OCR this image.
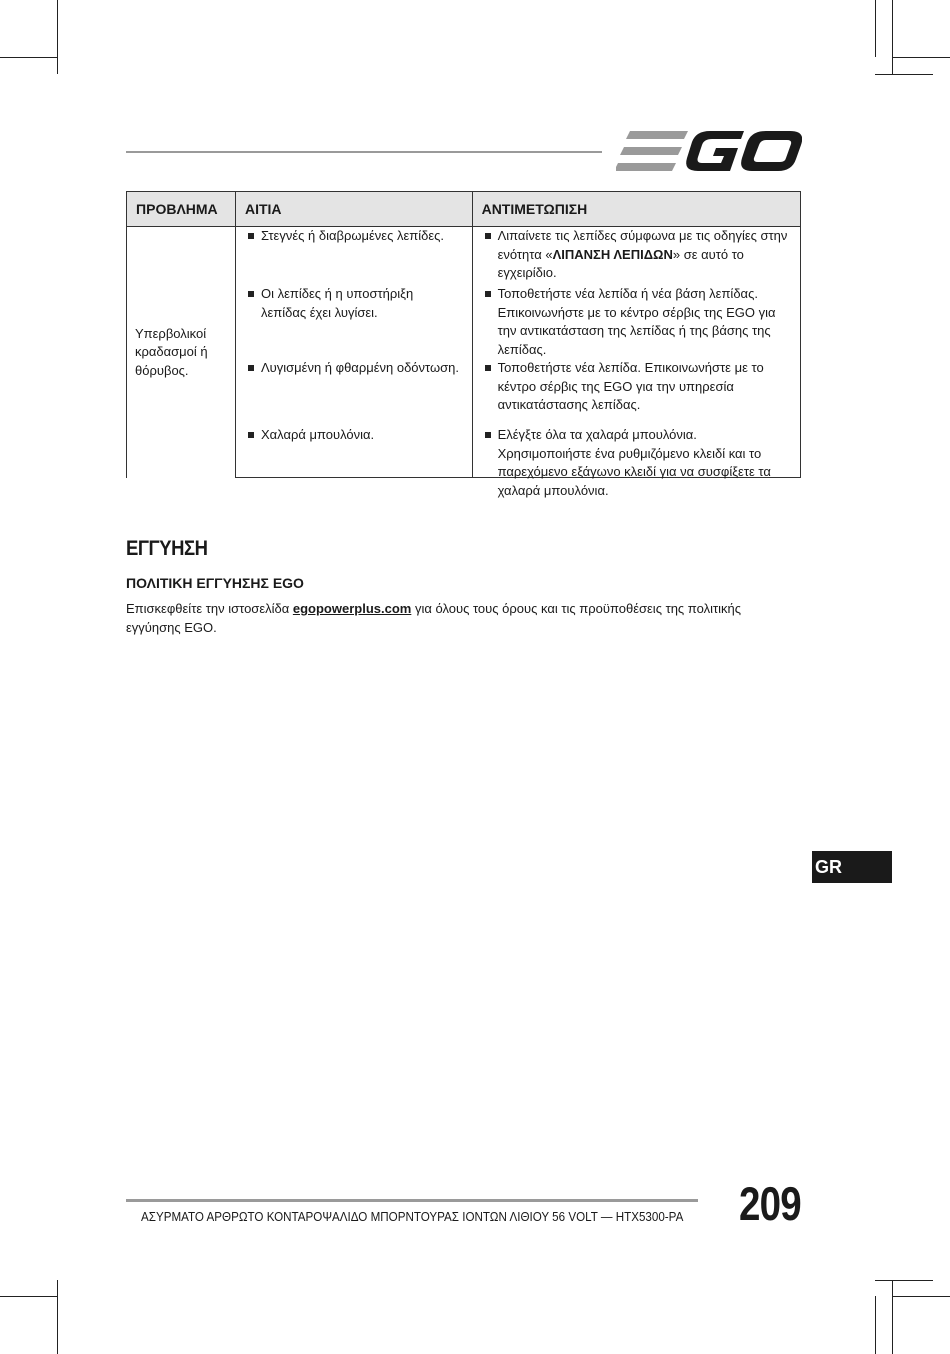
ΠΡΟΒΛΗΜΑ	ΑΙΤΙΑ	ΑΝΤΙΜΕΤΩΠΙΣΗ
Υπερβολικοί κραδασμοί ή θόρυβος.	Στεγνές ή διαβρωμένες λεπίδες.	Λιπαίνετε τις λεπίδες σύμφωνα με τις οδηγίες στην ενότητα «ΛΙΠΑΝΣΗ ΛΕΠΙΔΩΝ» σε αυτό το εγχειρίδιο.

	Οι λεπίδες ή η υποστήριξη λεπίδας έχει λυγίσει.	Τοποθετήστε νέα λεπίδα ή νέα βάση λεπίδας. Επικοινωνήστε με το κέντρο σέρβις της EGO για την αντικατάσταση της λεπίδας ή της βάσης της λεπίδας.

	Λυγισμένη ή φθαρμένη οδόντωση.	Τοποθετήστε νέα λεπίδα. Επικοινωνήστε με το κέντρο σέρβις της EGO για την υπηρεσία αντικατάστασης λεπίδας.

	Χαλαρά μπουλόνια.	Ελέγξτε όλα τα χαλαρά μπουλόνια. Χρησιμοποιήστε ένα ρυθμιζόμενο κλειδί και το παρεχόμενο εξάγωνο κλειδί για να συσφίξετε τα χαλαρά μπουλόνια.
ΕΓΓΥΗΣΗ
ΠΟΛΙΤΙΚΗ ΕΓΓΥΗΣΗΣ EGO
Επισκεφθείτε την ιστοσελίδα egopowerplus.com για όλους τους όρους και τις προϋποθέσεις της πολιτικής εγγύησης EGO.
GR
ΑΣΥΡΜΑΤΟ ΑΡΘΡΩΤΟ ΚΟΝΤΑΡΟΨΑΛΙΔΟ ΜΠΟΡΝΤΟΥΡΑΣ ΙΟΝΤΩΝ ΛΙΘΙΟΥ 56 VOLT — HTX5300-PA 209
